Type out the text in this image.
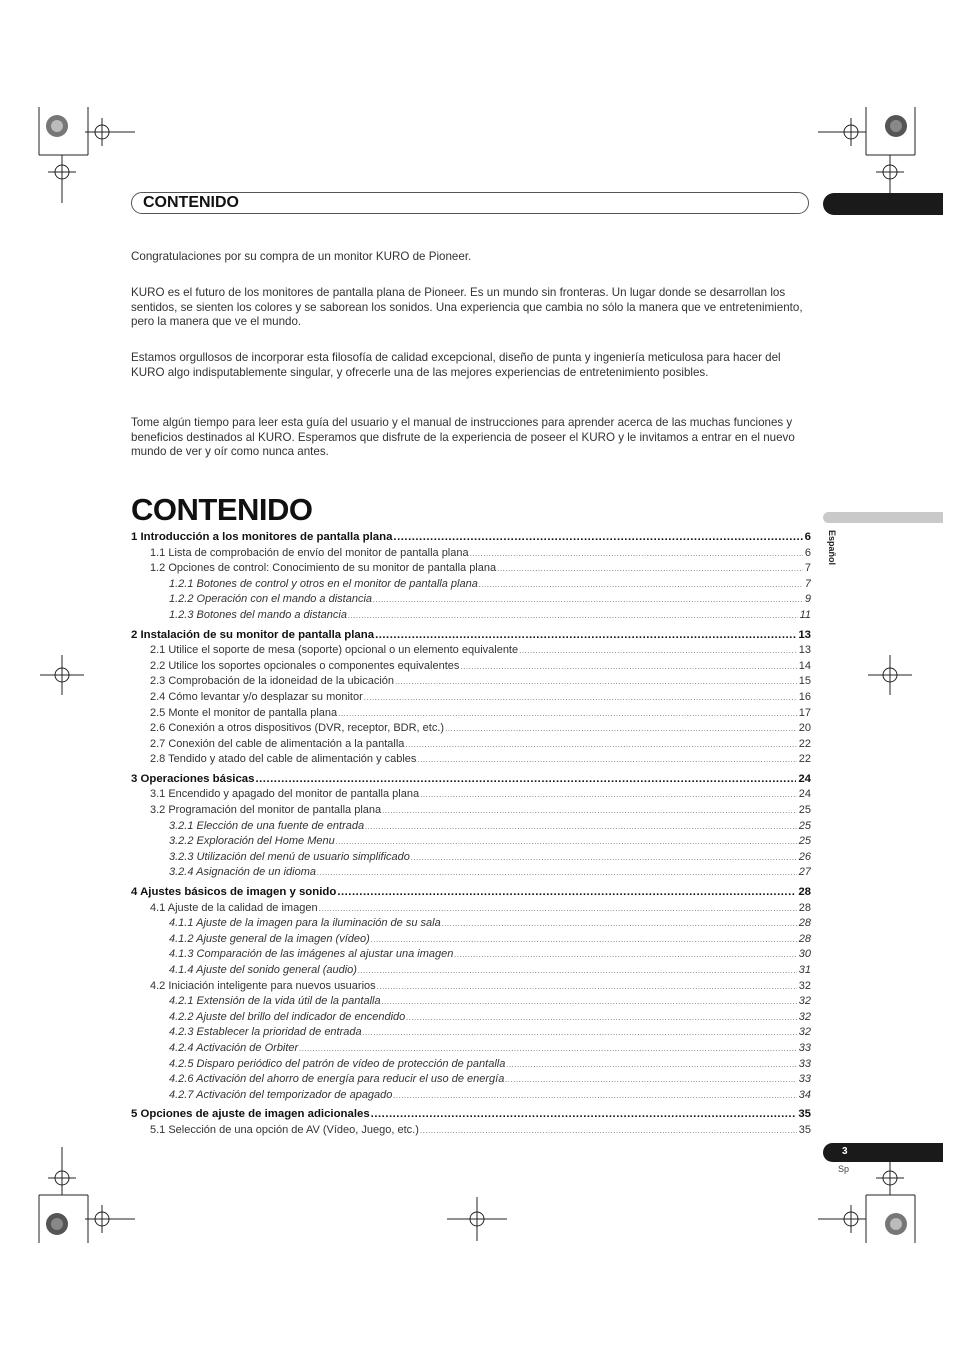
CONTENIDO
Español
Congratulaciones por su compra de un monitor KURO de Pioneer.
KURO es el futuro de los monitores de pantalla plana de Pioneer. Es un mundo sin fronteras. Un lugar donde se desarrollan los sentidos, se sienten los colores y se saborean los sonidos. Una experiencia que cambia no sólo la manera que ve entretenimiento, pero la manera que ve el mundo.
Estamos orgullosos de incorporar esta filosofía de calidad excepcional, diseño de punta y ingeniería meticulosa para hacer del KURO algo indisputablemente singular, y ofrecerle una de las mejores experiencias de entretenimiento posibles.
Tome algún tiempo para leer esta guía del usuario y el manual de instrucciones para aprender acerca de las muchas funciones y beneficios destinados al KURO. Esperamos que disfrute de la experiencia de poseer el KURO y le invitamos a entrar en el nuevo mundo de ver y oír como nunca antes.
CONTENIDO
1 Introducción a los monitores de pantalla plana .....	6
1.1 Lista de comprobación de envío del monitor de pantalla plana .....	6
1.2 Opciones de control: Conocimiento de su monitor de pantalla plana .....	7
1.2.1 Botones de control y otros en el monitor de pantalla plana .....	7
1.2.2 Operación con el mando a distancia .....	9
1.2.3 Botones del mando a distancia .....	11
2 Instalación de su monitor de pantalla plana .....	13
2.1 Utilice el soporte de mesa (soporte) opcional o un elemento equivalente .....	13
2.2 Utilice los soportes opcionales o componentes equivalentes .....	14
2.3 Comprobación de la idoneidad de la ubicación .....	15
2.4 Cómo levantar y/o desplazar su monitor .....	16
2.5 Monte el monitor de pantalla plana .....	17
2.6 Conexión a otros dispositivos (DVR, receptor, BDR, etc.) .....	20
2.7 Conexión del cable de alimentación a la pantalla .....	22
2.8 Tendido y atado del cable de alimentación y cables .....	22
3 Operaciones básicas .....	24
3.1 Encendido y apagado del monitor de pantalla plana .....	24
3.2 Programación del monitor de pantalla plana .....	25
3.2.1 Elección de una fuente de entrada .....	25
3.2.2 Exploración del Home Menu .....	25
3.2.3 Utilización del menú de usuario simplificado .....	26
3.2.4 Asignación de un idioma .....	27
4 Ajustes básicos de imagen y sonido .....	28
4.1 Ajuste de la calidad de imagen .....	28
4.1.1 Ajuste de la imagen para la iluminación de su sala .....	28
4.1.2 Ajuste general de la imagen (vídeo) .....	28
4.1.3 Comparación de las imágenes al ajustar una imagen .....	30
4.1.4 Ajuste del sonido general (audio) .....	31
4.2 Iniciación inteligente para nuevos usuarios .....	32
4.2.1 Extensión de la vida útil de la pantalla .....	32
4.2.2 Ajuste del brillo del indicador de encendido .....	32
4.2.3 Establecer la prioridad de entrada .....	32
4.2.4 Activación de Orbiter .....	33
4.2.5 Disparo periódico del patrón de vídeo de protección de pantalla .....	33
4.2.6 Activación del ahorro de energía para reducir el uso de energía .....	33
4.2.7 Activación del temporizador de apagado .....	34
5 Opciones de ajuste de imagen adicionales .....	35
5.1 Selección de una opción de AV (Vídeo, Juego, etc.) .....	35
3
Sp
